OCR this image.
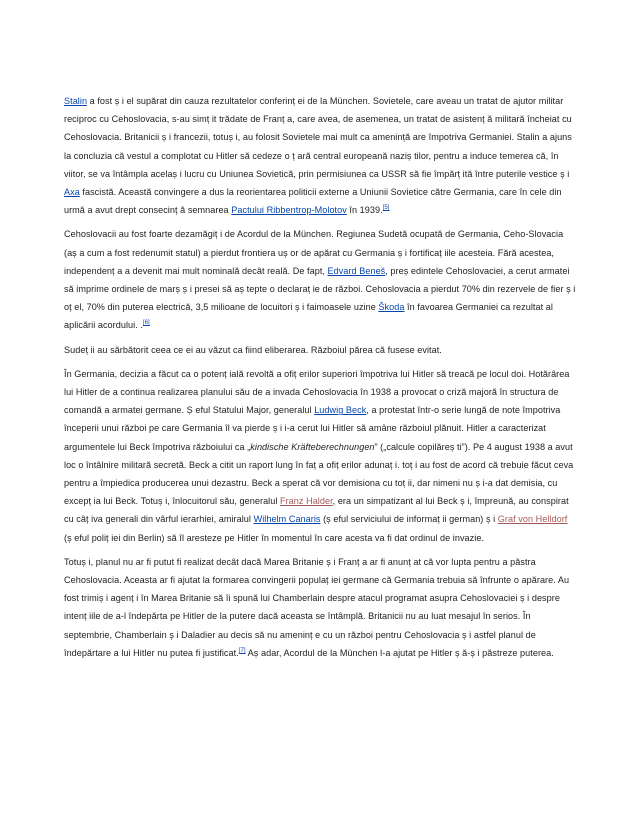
Stalin a fost ș i el supărat din cauza rezultatelor conferinț ei de la München. Sovietele, care aveau un tratat de ajutor militar reciproc cu Cehoslovacia, s-au simț it trădate de Franț a, care avea, de asemenea, un tratat de asistenț ă militară încheiat cu Cehoslovacia. Britanicii ș i francezii, totuș i, au folosit Sovietele mai mult ca amenință are împotriva Germaniei. Stalin a ajuns la concluzia că vestul a complotat cu Hitler să cedeze o ț ară central europeană naziș tilor, pentru a induce temerea că, în viitor, se va întâmpla acelaș i lucru cu Uniunea Sovietică, prin permisiunea ca USSR să fie împărț ită între puterile vestice ș i Axa fascistă. Această convingere a dus la reorientarea politicii externe a Uniunii Sovietice către Germania, care în cele din urmă a avut drept consecinț ă semnarea Pactului Ribbentrop-Molotov în 1939.[5]

Cehoslovacii au fost foarte dezamăgiț i de Acordul de la München. Regiunea Sudetă ocupată de Germania, Ceho-Slovacia (aș a cum a fost redenumit statul) a pierdut frontiera uș or de apărat cu Germania ș i fortificaț iile acesteia. Fără acestea, independenț a a devenit mai mult nominală decât reală. De fapt, Edvard Beneš, preș edintele Cehoslovaciei, a cerut armatei să imprime ordinele de marș ș i presei să aș tepte o declaraț ie de război. Cehoslovacia a pierdut 70% din rezervele de fier ș i oț el, 70% din puterea electrică, 3,5 milioane de locuitori ș i faimoasele uzine Škoda în favoarea Germaniei ca rezultat al aplicării acordului. .[6]

Sudeț ii au sărbătorit ceea ce ei au văzut ca fiind eliberarea. Războiul părea că fusese evitat.

În Germania, decizia a făcut ca o potenț ială revoltă a ofiț erilor superiori împotriva lui Hitler să treacă pe locul doi. Hotărârea lui Hitler de a continua realizarea planului său de a invada Cehoslovacia în 1938 a provocat o criză majoră în structura de comandă a armatei germane. Ș eful Statului Major, generalul Ludwig Beck, a protestat într-o serie lungă de note împotriva începerii unui război pe care Germania îl va pierde ș i i-a cerut lui Hitler să amâne războiul plănuit. Hitler a caracterizat argumentele lui Beck împotriva războiului ca „kindische Kräfteberechnungen” („calcule copilăreș ti”). Pe 4 august 1938 a avut loc o întâlnire militară secretă. Beck a citit un raport lung în faț a ofiț erilor adunaț i. toț i au fost de acord că trebuie făcut ceva pentru a împiedica producerea unui dezastru. Beck a sperat că vor demisiona cu toț ii, dar nimeni nu ș i-a dat demisia, cu excepț ia lui Beck. Totuș i, înlocuitorul său, generalul Franz Halder, era un simpatizant al lui Beck ș i, împreună, au conspirat cu câț iva generali din vârful ierarhiei, amiralul Wilhelm Canaris (ș eful serviciului de informaț ii german) ș i Graf von Helldorf (ș eful poliț iei din Berlin) să îl aresteze pe Hitler în momentul în care acesta va fi dat ordinul de invazie.

Totuș i, planul nu ar fi putut fi realizat decât dacă Marea Britanie ș i Franț a ar fi anunț at că vor lupta pentru a păstra Cehoslovacia. Aceasta ar fi ajutat la formarea convingerii populaț iei germane că Germania trebuia să înfrunte o apărare. Au fost trimiș i agenț i în Marea Britanie să îi spună lui Chamberlain despre atacul programat asupra Cehoslovaciei ș i despre intenț iile de a-l îndepărta pe Hitler de la putere dacă aceasta se întâmplă. Britanicii nu au luat mesajul în serios. În septembrie, Chamberlain ș i Daladier au decis să nu ameninț e cu un război pentru Cehoslovacia ș i astfel planul de îndepărtare a lui Hitler nu putea fi justificat.[7] Aș adar, Acordul de la München l-a ajutat pe Hitler ș ă-ș i păstreze puterea.
